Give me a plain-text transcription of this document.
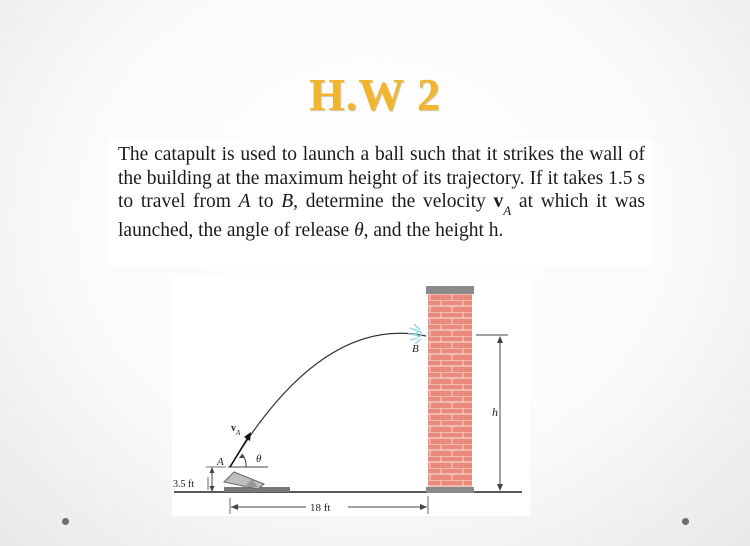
H.W 2

The catapult is used to launch a ball such that it strikes the wall of the building at the maximum height of its trajectory. If it takes 1.5 s to travel from A to B, determine the velocity $v_A$ at which it was launched, the angle of release θ, and the height h.

A
B
v A
θ
h
3.5 ft
18 ft
